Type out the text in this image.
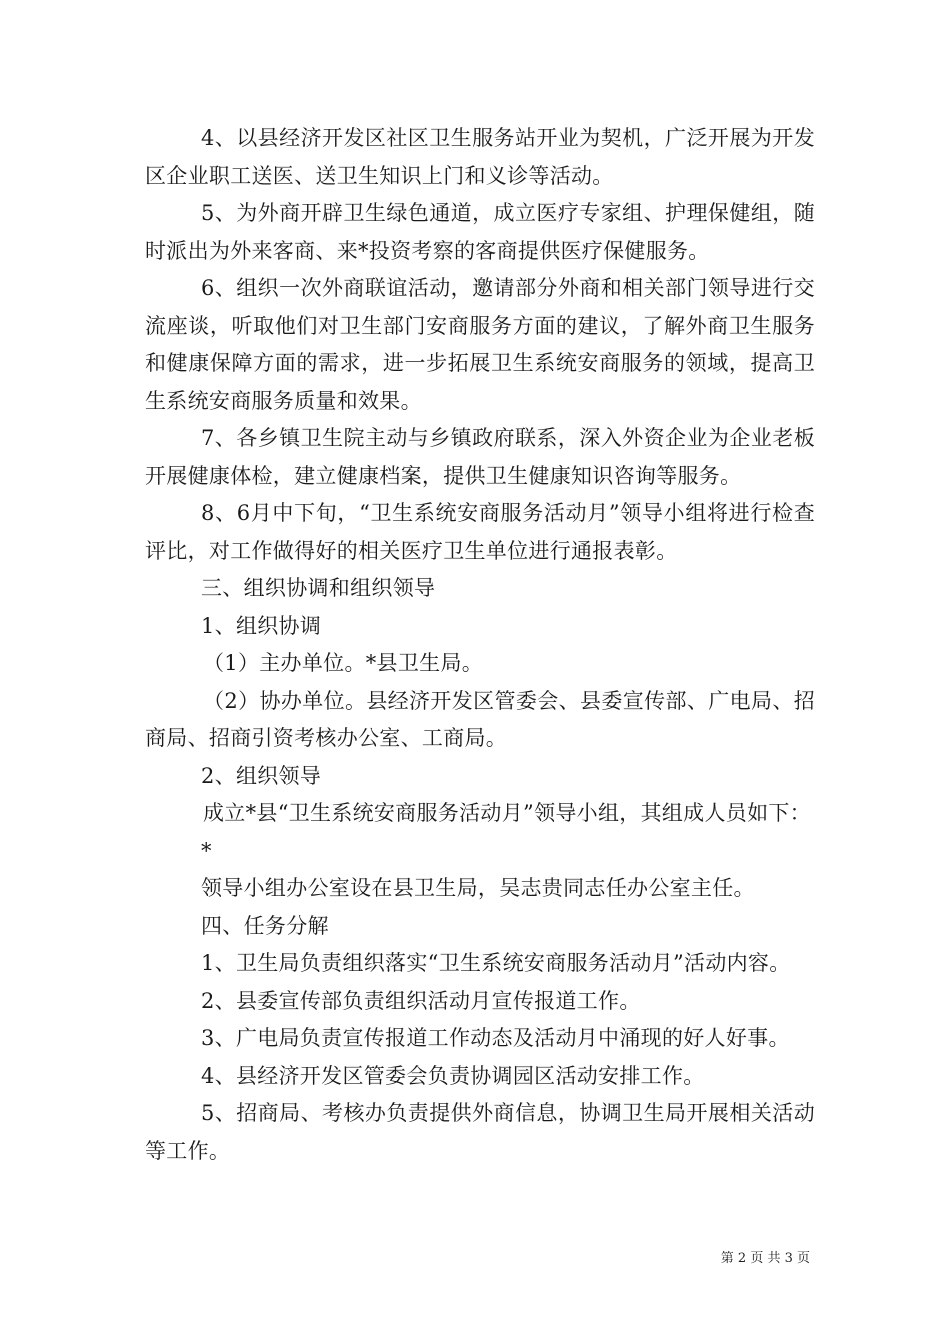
4、以县经济开发区社区卫生服务站开业为契机，广泛开展为开发区企业职工送医、送卫生知识上门和义诊等活动。

5、为外商开辟卫生绿色通道，成立医疗专家组、护理保健组，随时派出为外来客商、来*投资考察的客商提供医疗保健服务。

6、组织一次外商联谊活动，邀请部分外商和相关部门领导进行交流座谈，听取他们对卫生部门安商服务方面的建议，了解外商卫生服务和健康保障方面的需求，进一步拓展卫生系统安商服务的领域，提高卫生系统安商服务质量和效果。

7、各乡镇卫生院主动与乡镇政府联系，深入外资企业为企业老板开展健康体检，建立健康档案，提供卫生健康知识咨询等服务。

8、6月中下旬，“卫生系统安商服务活动月”领导小组将进行检查评比，对工作做得好的相关医疗卫生单位进行通报表彰。

三、组织协调和组织领导

1、组织协调

（1）主办单位。*县卫生局。

（2）协办单位。县经济开发区管委会、县委宣传部、广电局、招商局、招商引资考核办公室、工商局。

2、组织领导

成立*县“卫生系统安商服务活动月”领导小组，其组成人员如下：

*

领导小组办公室设在县卫生局，吴志贵同志任办公室主任。

四、任务分解

1、卫生局负责组织落实“卫生系统安商服务活动月”活动内容。

2、县委宣传部负责组织活动月宣传报道工作。

3、广电局负责宣传报道工作动态及活动月中涌现的好人好事。

4、县经济开发区管委会负责协调园区活动安排工作。

5、招商局、考核办负责提供外商信息，协调卫生局开展相关活动等工作。

第 2 页 共 3 页
